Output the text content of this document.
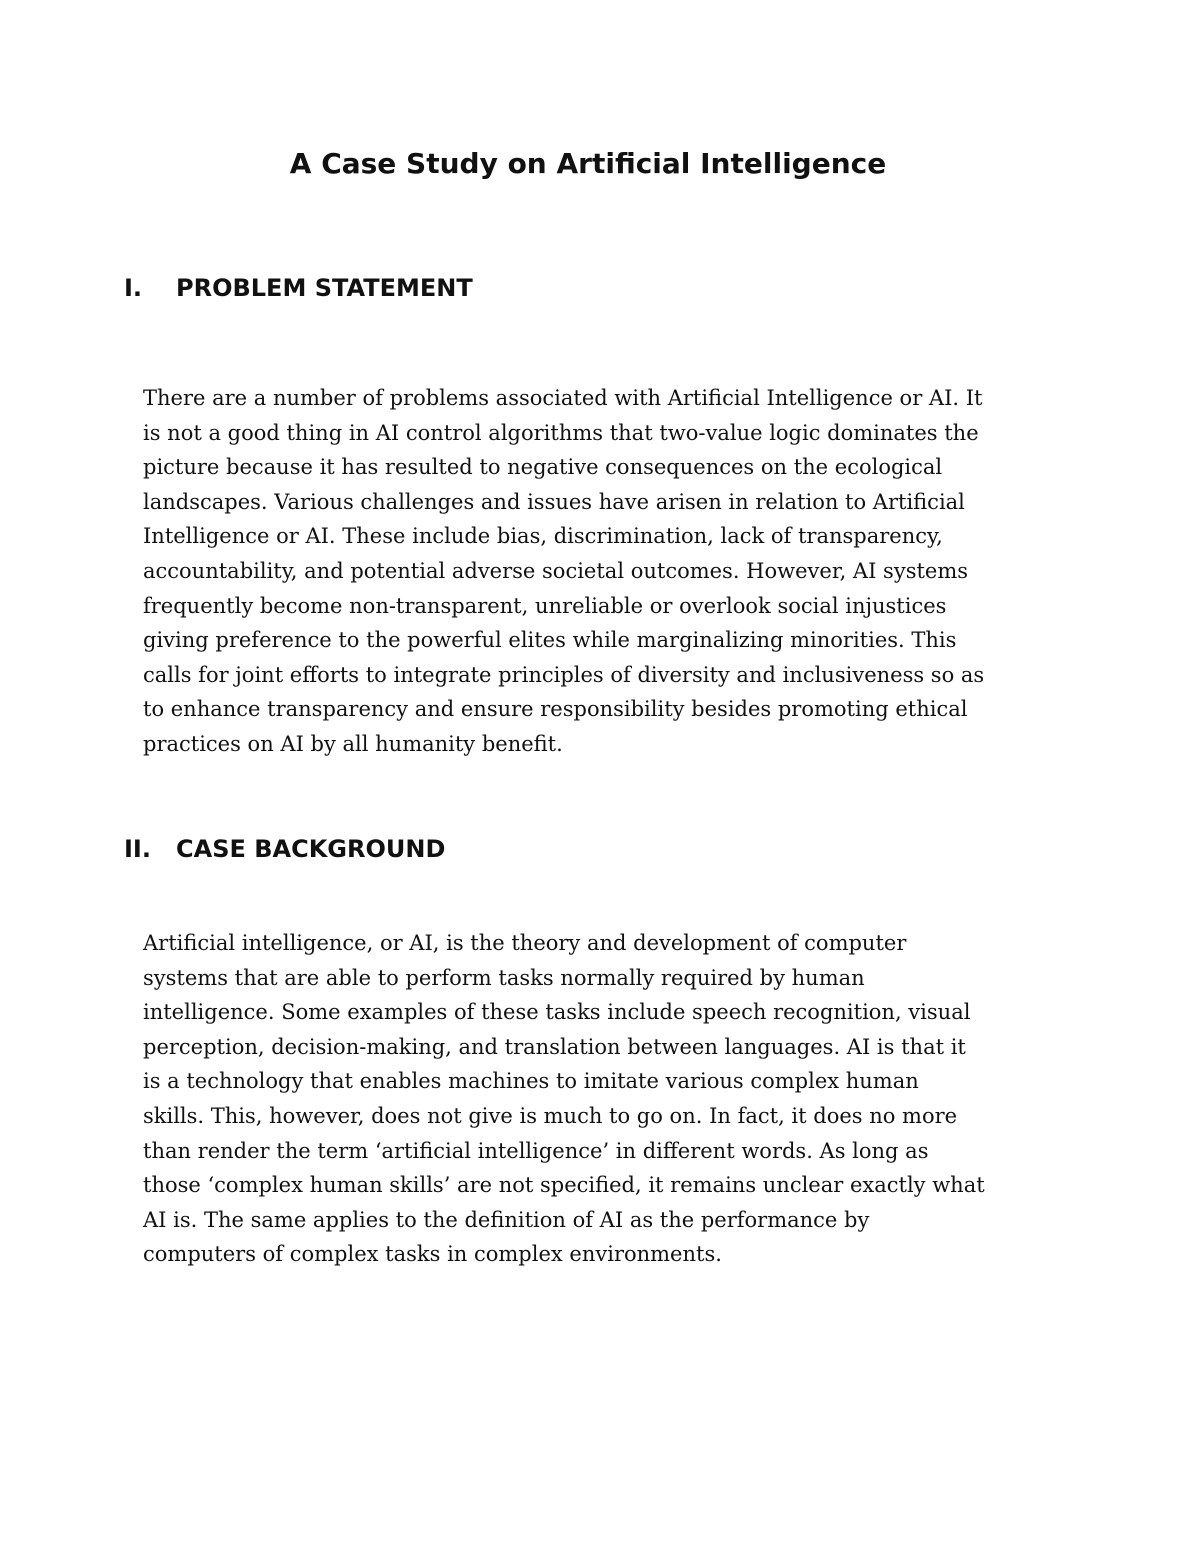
A Case Study on Artificial Intelligence
I. PROBLEM STATEMENT
There are a number of problems associated with Artificial Intelligence or AI. It
is not a good thing in AI control algorithms that two-value logic dominates the
picture because it has resulted to negative consequences on the ecological
landscapes. Various challenges and issues have arisen in relation to Artificial
Intelligence or AI. These include bias, discrimination, lack of transparency,
accountability, and potential adverse societal outcomes. However, AI systems
frequently become non-transparent, unreliable or overlook social injustices
giving preference to the powerful elites while marginalizing minorities. This
calls for joint efforts to integrate principles of diversity and inclusiveness so as
to enhance transparency and ensure responsibility besides promoting ethical
practices on AI by all humanity benefit.
II. CASE BACKGROUND
Artificial intelligence, or AI, is the theory and development of computer
systems that are able to perform tasks normally required by human
intelligence. Some examples of these tasks include speech recognition, visual
perception, decision-making, and translation between languages. AI is that it
is a technology that enables machines to imitate various complex human
skills. This, however, does not give is much to go on. In fact, it does no more
than render the term ‘artificial intelligence’ in different words. As long as
those ‘complex human skills’ are not specified, it remains unclear exactly what
AI is. The same applies to the definition of AI as the performance by
computers of complex tasks in complex environments.
